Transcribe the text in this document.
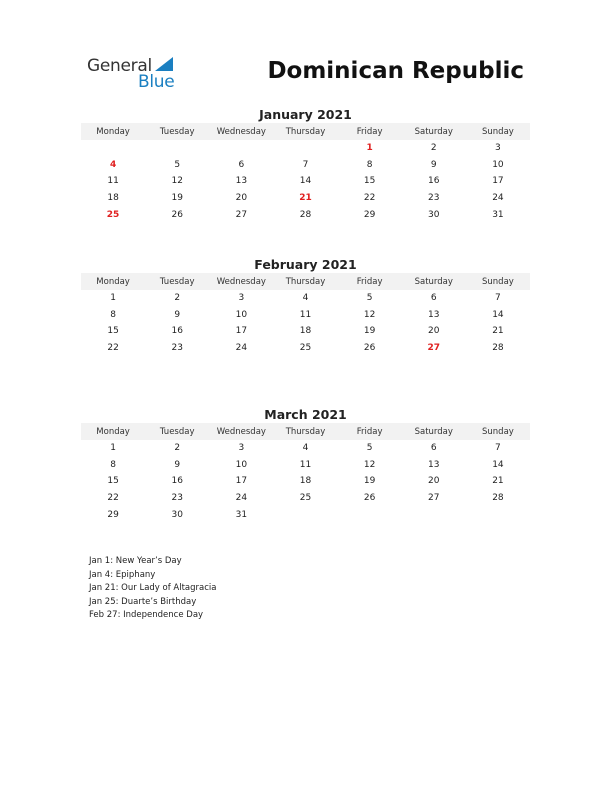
General
Blue	Dominican Republic
January 2021
Monday	Tuesday	Wednesday	Thursday	Friday	Saturday	Sunday
				1	2	3
4	5	6	7	8	9	10
11	12	13	14	15	16	17
18	19	20	21	22	23	24
25	26	27	28	29	30	31
February 2021
Monday	Tuesday	Wednesday	Thursday	Friday	Saturday	Sunday
1	2	3	4	5	6	7
8	9	10	11	12	13	14
15	16	17	18	19	20	21
22	23	24	25	26	27	28
March 2021
Monday	Tuesday	Wednesday	Thursday	Friday	Saturday	Sunday
1	2	3	4	5	6	7
8	9	10	11	12	13	14
15	16	17	18	19	20	21
22	23	24	25	26	27	28
29	30	31				
Jan 1: New Year’s Day
Jan 4: Epiphany
Jan 21: Our Lady of Altagracia
Jan 25: Duarte’s Birthday
Feb 27: Independence Day
